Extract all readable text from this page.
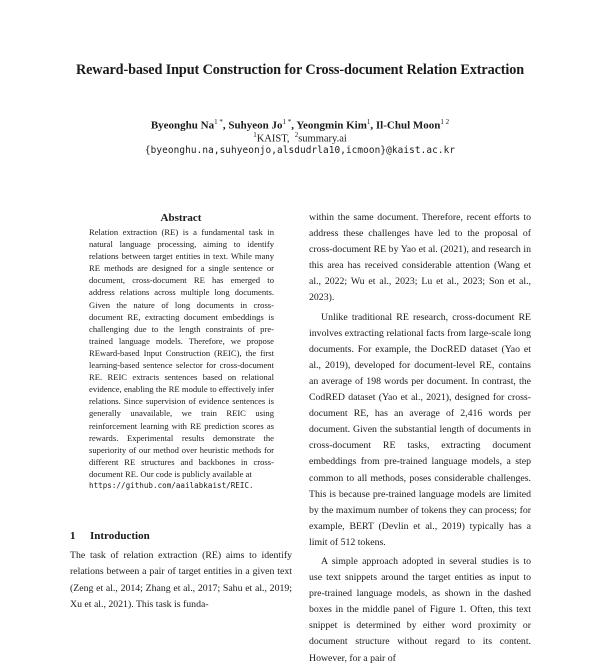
Reward-based Input Construction for Cross-document Relation Extraction
Byeonghu $Na^{1 *}$, Suhyeon $Jo^{1 *}$, Yeongmin Kim$^1$, Il-Chul Moon$^{1 2}$
$^1$KAIST,  $^2$summary.ai
{byeonghu.na,suhyeonjo,alsdudrla10,icmoon}@kaist.ac.kr
Abstract
Relation extraction (RE) is a fundamental task in natural language processing, aiming to identify relations between target entities in text. While many RE methods are designed for a single sentence or document, cross-document RE has emerged to address relations across multiple long documents. Given the nature of long documents in cross-document RE, extracting document embeddings is challenging due to the length constraints of pre-trained language models. Therefore, we propose REward-based Input Construction (REIC), the first learning-based sentence selector for cross-document RE. REIC extracts sentences based on relational evidence, enabling the RE module to effectively infer relations. Since supervision of evidence sentences is generally unavailable, we train REIC using reinforcement learning with RE prediction scores as rewards. Experimental results demonstrate the superiority of our method over heuristic methods for different RE structures and backbones in cross-document RE. Our code is publicly available at
https://github.com/aailabkaist/REIC.
1 Introduction

The task of relation extraction (RE) aims to identify relations between a pair of target entities in a given text (Zeng et al., 2014; Zhang et al., 2017; Sahu et al., 2019; Xu et al., 2021). This task is funda-

within the same document. Therefore, recent efforts to address these challenges have led to the proposal of cross-document RE by Yao et al. (2021), and research in this area has received considerable attention (Wang et al., 2022; Wu et al., 2023; Lu et al., 2023; Son et al., 2023).

Unlike traditional RE research, cross-document RE involves extracting relational facts from large-scale long documents. For example, the DocRED dataset (Yao et al., 2019), developed for document-level RE, contains an average of 198 words per document. In contrast, the CodRED dataset (Yao et al., 2021), designed for cross-document RE, has an average of 2,416 words per document. Given the substantial length of documents in cross-document RE tasks, extracting document embeddings from pre-trained language models, a step common to all methods, poses considerable challenges. This is because pre-trained language models are limited by the maximum number of tokens they can process; for example, BERT (Devlin et al., 2019) typically has a limit of 512 tokens.

A simple approach adopted in several studies is to use text snippets around the target entities as input to pre-trained language models, as shown in the dashed boxes in the middle panel of Figure 1. Often, this text snippet is determined by either word proximity or document structure without regard to its content. However, for a pair of
